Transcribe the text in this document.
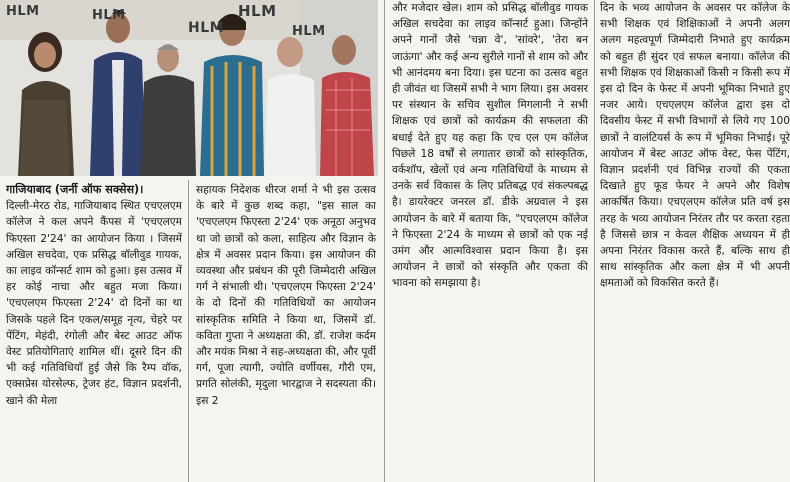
HLM	HLM
HLM
HLM
HLM

गाजियाबाद (जर्नी ऑफ सक्सेस)।

दिल्ली-मेरठ रोड, गाजियाबाद स्थित एचएलएम कॉलेज ने कल अपने कैंपस में 'एचएलएम फिएस्ता 2'24' का आयोजन किया । जिसमें अखिल सचदेवा, एक प्रसिद्ध बॉलीवुड गायक, का लाइव कॉन्सर्ट शाम को हुआ। इस उत्सव में हर कोई नाचा और बहुत मजा किया। 'एचएलएम फिएस्ता 2'24' दो दिनों का था जिसके पहले दिन एकल/समूह नृत्य, चेहरे पर पेंटिंग, मेहंदी, रंगोली और बेस्ट आउट ऑफ वेस्ट प्रतियोगिताएं शामिल थीं। दूसरे दिन की भी कई गतिविधियाँ हुई जैसे कि रैम्प वॉक, एक्सप्रेस योरसेल्फ, ट्रेजर हंट, विज्ञान प्रदर्शनी, खाने की मेला

सहायक निदेशक धीरज शर्मा ने भी इस उत्सव के बारे में कुछ शब्द कहा, "इस साल का 'एचएलएम फिएस्ता 2'24' एक अनूठा अनुभव था जो छात्रों को कला, साहित्य और विज्ञान के क्षेत्र में अवसर प्रदान किया। इस आयोजन की व्यवस्था और प्रबंधन की पूरी जिम्मेदारी अखिल गर्ग ने संभाली थी। 'एचएलएम फिएस्ता 2'24' के दो दिनों की गतिविधियों का आयोजन सांस्कृतिक समिति ने किया था, जिसमें डॉ. कविता गुप्ता ने अध्यक्षता की, डॉ. राजेश कर्दम और मयंक मिश्रा ने सह-अध्यक्षता की, और पूर्वी गर्ग, पूजा त्यागी, ज्योति वर्णीयस, गौरी एम, प्रगति सोलंकी, मृदुला भारद्वाज ने सदस्यता की। इस 2

और मजेदार खेल। शाम को प्रसिद्ध बॉलीवुड गायक अखिल सचदेवा का लाइव कॉन्सर्ट हुआ। जिन्होंने अपने गानों जैसे 'चन्ना वे', 'सांवरे', 'तेरा बन जाऊंगा' और कई अन्य सुरीले गानों से शाम को और भी आनंदमय बना दिया। इस घटना का उत्सव बहुत ही जीवंत था जिसमें सभी ने भाग लिया। इस अवसर पर संस्थान के सचिव सुशील मिगलानी ने सभी शिक्षक एवं छात्रों को कार्यक्रम की सफलता की बधाई देते हुए यह कहा कि एच एल एम कॉलेज पिछले 18 वर्षों से लगातार छात्रों को सांस्कृतिक, वर्कशॉप, खेलों एवं अन्य गतिविधियों के माध्यम से उनके सर्व विकास के लिए प्रतिबद्ध एवं संकल्पबद्ध है। डायरेक्टर जनरल डॉ. डीके अग्रवाल ने इस आयोजन के बारे में बताया कि, "एचएलएम कॉलेज ने फिएस्ता 2'24 के माध्यम से छात्रों को एक नई उमंग और आत्मविश्वास प्रदान किया है। इस आयोजन ने छात्रों को संस्कृति और एकता की भावना को समझाया है।

दिन के भव्य आयोजन के अवसर पर कॉलेज के सभी शिक्षक एवं शिक्षिकाओं ने अपनी अलग अलग महत्वपूर्ण जिम्मेदारी निभाते हुए कार्यक्रम को बहुत ही सुंदर एवं सफल बनाया। कॉलेज की सभी शिक्षक एवं शिक्षकाओं किसी न किसी रूप में इस दो दिन के फेस्ट में अपनी भूमिका निभाते हुए नजर आये। एचएलएम कॉलेज द्वारा इस दो दिवसीय फेस्ट में सभी विभागों से लिये गए 100 छात्रों ने वालंटियर्स के रूप में भूमिका निभाई। पूरे आयोजन में बेस्ट आउट ऑफ वेस्ट, फेस पेंटिंग, विज्ञान प्रदर्शनी एवं विभिन्न राज्यों की एकता दिखाते हुए फूड फेयर ने अपने और विशेष आकर्षित किया। एचएलएम कॉलेज प्रति वर्ष इस तरह के भव्य आयोजन निरंतर तौर पर करता रहता है जिससे छात्र न केवल शैक्षिक अध्ययन में ही अपना निरंतर विकास करते हैं, बल्कि साथ ही साथ सांस्कृतिक और कला क्षेत्र में भी अपनी क्षमताओं को विकसित करते हैं।
